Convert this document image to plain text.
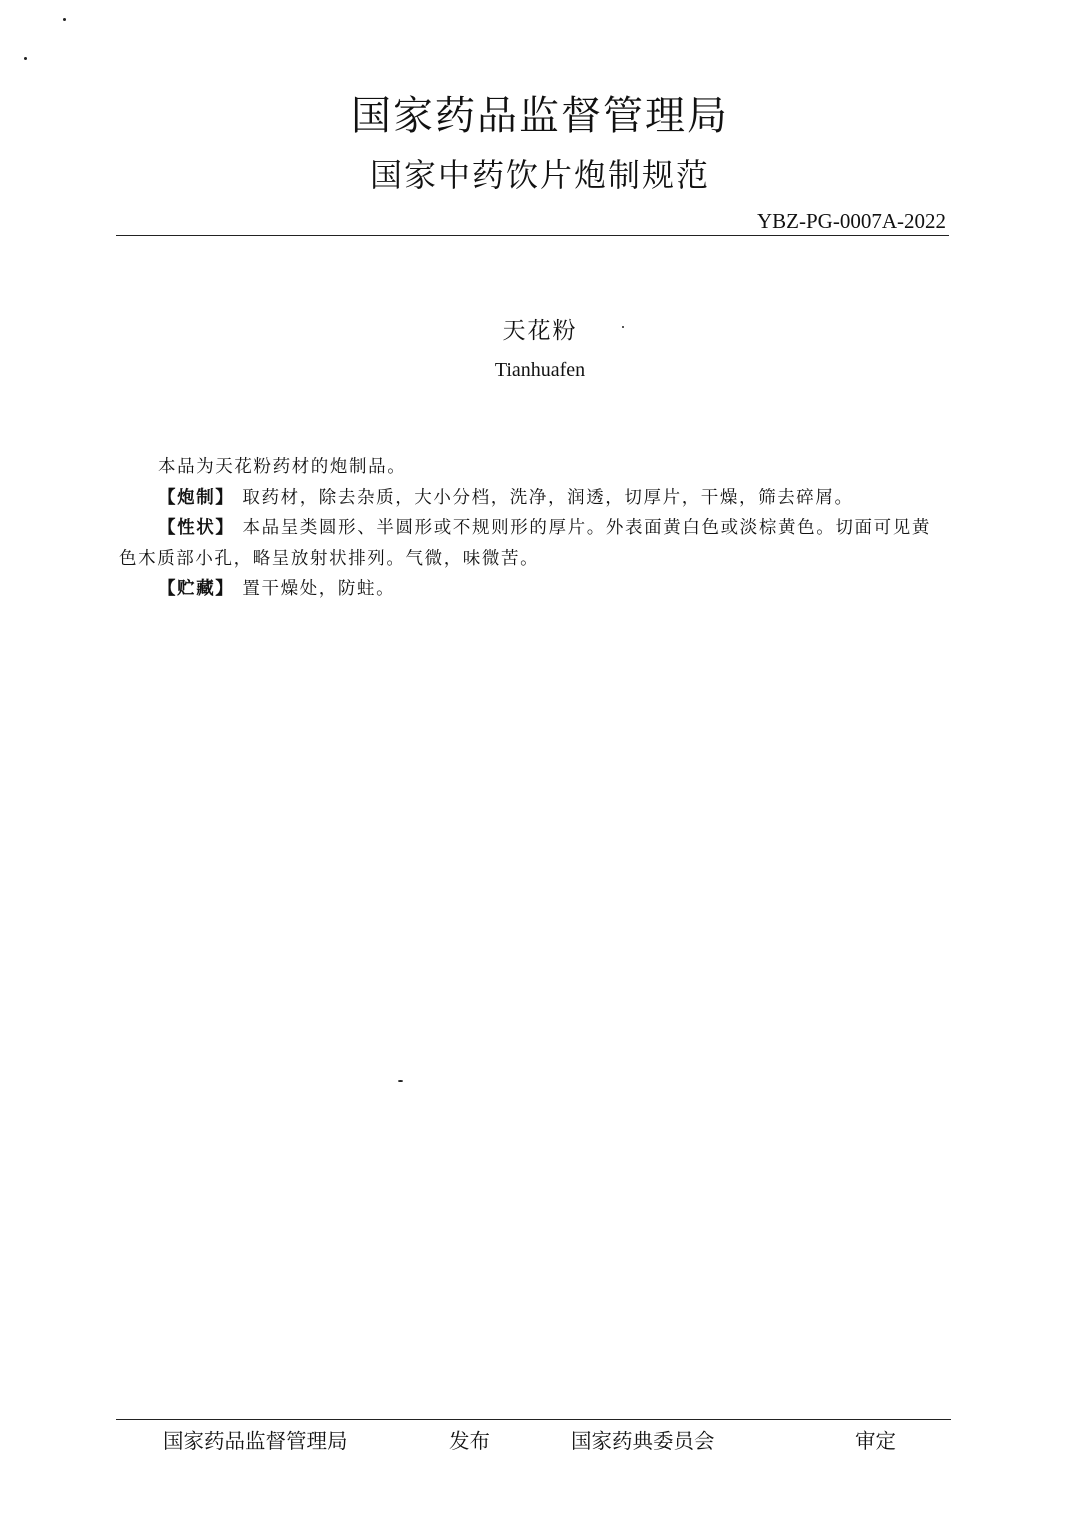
国家药品监督管理局
国家中药饮片炮制规范
YBZ-PG-0007A-2022
天花粉
Tianhuafen

本品为天花粉药材的炮制品。

【炮制】 取药材，除去杂质，大小分档，洗净，润透，切厚片，干燥，筛去碎屑。

【性状】 本品呈类圆形、半圆形或不规则形的厚片。外表面黄白色或淡棕黄色。切面可见黄色木质部小孔，略呈放射状排列。气微，味微苦。

【贮藏】 置干燥处，防蛀。

国家药品监督管理局	发布	国家药典委员会	审定
